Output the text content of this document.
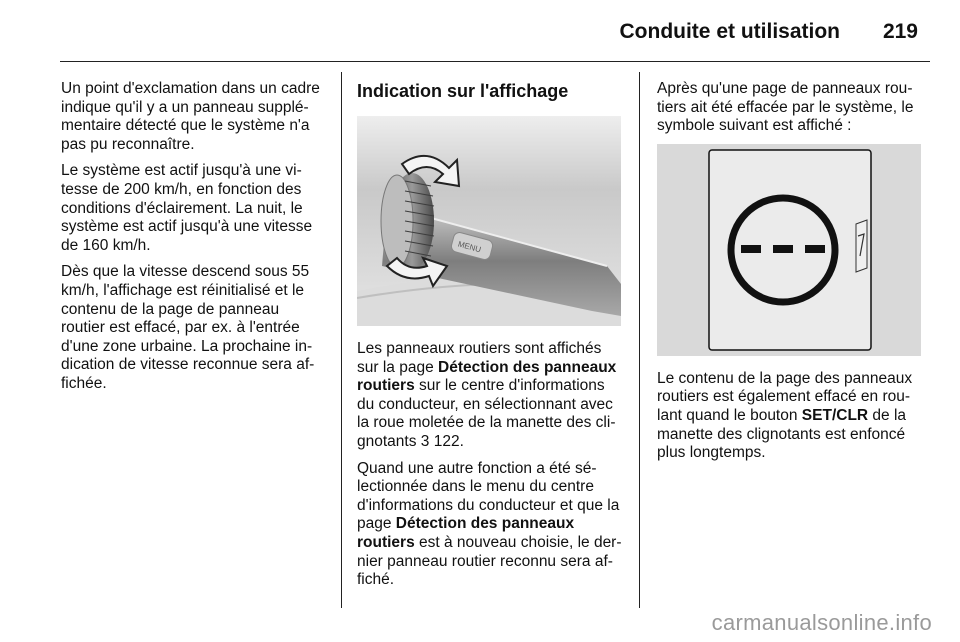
Conduite et utilisation 219

Un point d'exclamation dans un cadre indique qu'il y a un panneau supplémentaire détecté que le système n'a pas pu reconnaître.

Le système est actif jusqu'à une vitesse de 200 km/h, en fonction des conditions d'éclairement. La nuit, le système est actif jusqu'à une vitesse de 160 km/h.

Dès que la vitesse descend sous 55 km/h, l'affichage est réinitialisé et le contenu de la page de panneau routier est effacé, par ex. à l'entrée d'une zone urbaine. La prochaine indication de vitesse reconnue sera affichée.

Indication sur l'affichage
MENU

Les panneaux routiers sont affichés sur la page Détection des panneaux routiers sur le centre d'informations du conducteur, en sélectionnant avec la roue moletée de la manette des clignotants 3 122.

Quand une autre fonction a été sélectionnée dans le menu du centre d'informations du conducteur et que la page Détection des panneaux routiers est à nouveau choisie, le dernier panneau routier reconnu sera affiché.

Après qu'une page de panneaux routiers ait été effacée par le système, le symbole suivant est affiché :

Le contenu de la page des panneaux routiers est également effacé en roulant quand le bouton SET/CLR de la manette des clignotants est enfoncé plus longtemps.

carmanualsonline.info
